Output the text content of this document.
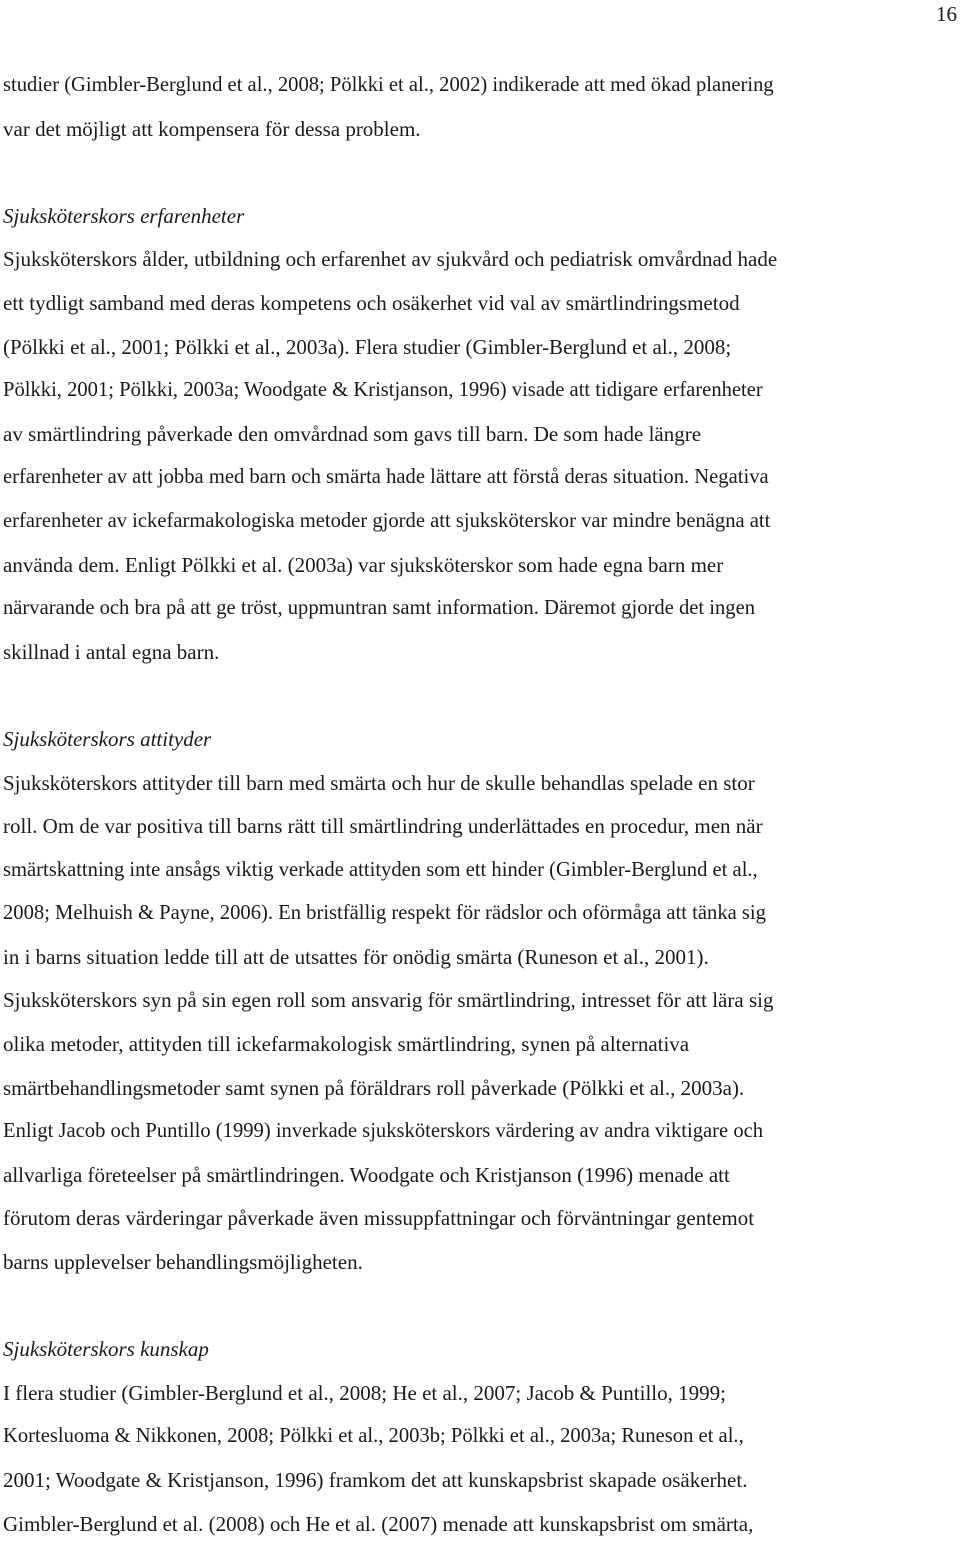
16
studier (Gimbler-Berglund et al., 2008; Pölkki et al., 2002) indikerade att med ökad planering
var det möjligt att kompensera för dessa problem.
Sjuksköterskors erfarenheter
Sjuksköterskors ålder, utbildning och erfarenhet av sjukvård och pediatrisk omvårdnad hade
ett tydligt samband med deras kompetens och osäkerhet vid val av smärtlindringsmetod
(Pölkki et al., 2001; Pölkki et al., 2003a). Flera studier (Gimbler-Berglund et al., 2008;
Pölkki, 2001; Pölkki, 2003a; Woodgate & Kristjanson, 1996) visade att tidigare erfarenheter
av smärtlindring påverkade den omvårdnad som gavs till barn. De som hade längre
erfarenheter av att jobba med barn och smärta hade lättare att förstå deras situation. Negativa
erfarenheter av ickefarmakologiska metoder gjorde att sjuksköterskor var mindre benägna att
använda dem. Enligt Pölkki et al. (2003a) var sjuksköterskor som hade egna barn mer
närvarande och bra på att ge tröst, uppmuntran samt information. Däremot gjorde det ingen
skillnad i antal egna barn.
Sjuksköterskors attityder
Sjuksköterskors attityder till barn med smärta och hur de skulle behandlas spelade en stor
roll. Om de var positiva till barns rätt till smärtlindring underlättades en procedur, men när
smärtskattning inte ansågs viktig verkade attityden som ett hinder (Gimbler-Berglund et al.,
2008; Melhuish & Payne, 2006). En bristfällig respekt för rädslor och oförmåga att tänka sig
in i barns situation ledde till att de utsattes för onödig smärta (Runeson et al., 2001).
Sjuksköterskors syn på sin egen roll som ansvarig för smärtlindring, intresset för att lära sig
olika metoder, attityden till ickefarmakologisk smärtlindring, synen på alternativa
smärtbehandlingsmetoder samt synen på föräldrars roll påverkade (Pölkki et al., 2003a).
Enligt Jacob och Puntillo (1999) inverkade sjuksköterskors värdering av andra viktigare och
allvarliga företeelser på smärtlindringen. Woodgate och Kristjanson (1996) menade att
förutom deras värderingar påverkade även missuppfattningar och förväntningar gentemot
barns upplevelser behandlingsmöjligheten.
Sjuksköterskors kunskap
I flera studier (Gimbler-Berglund et al., 2008; He et al., 2007; Jacob & Puntillo, 1999;
Kortesluoma & Nikkonen, 2008; Pölkki et al., 2003b; Pölkki et al., 2003a; Runeson et al.,
2001; Woodgate & Kristjanson, 1996) framkom det att kunskapsbrist skapade osäkerhet.
Gimbler-Berglund et al. (2008) och He et al. (2007) menade att kunskapsbrist om smärta,
